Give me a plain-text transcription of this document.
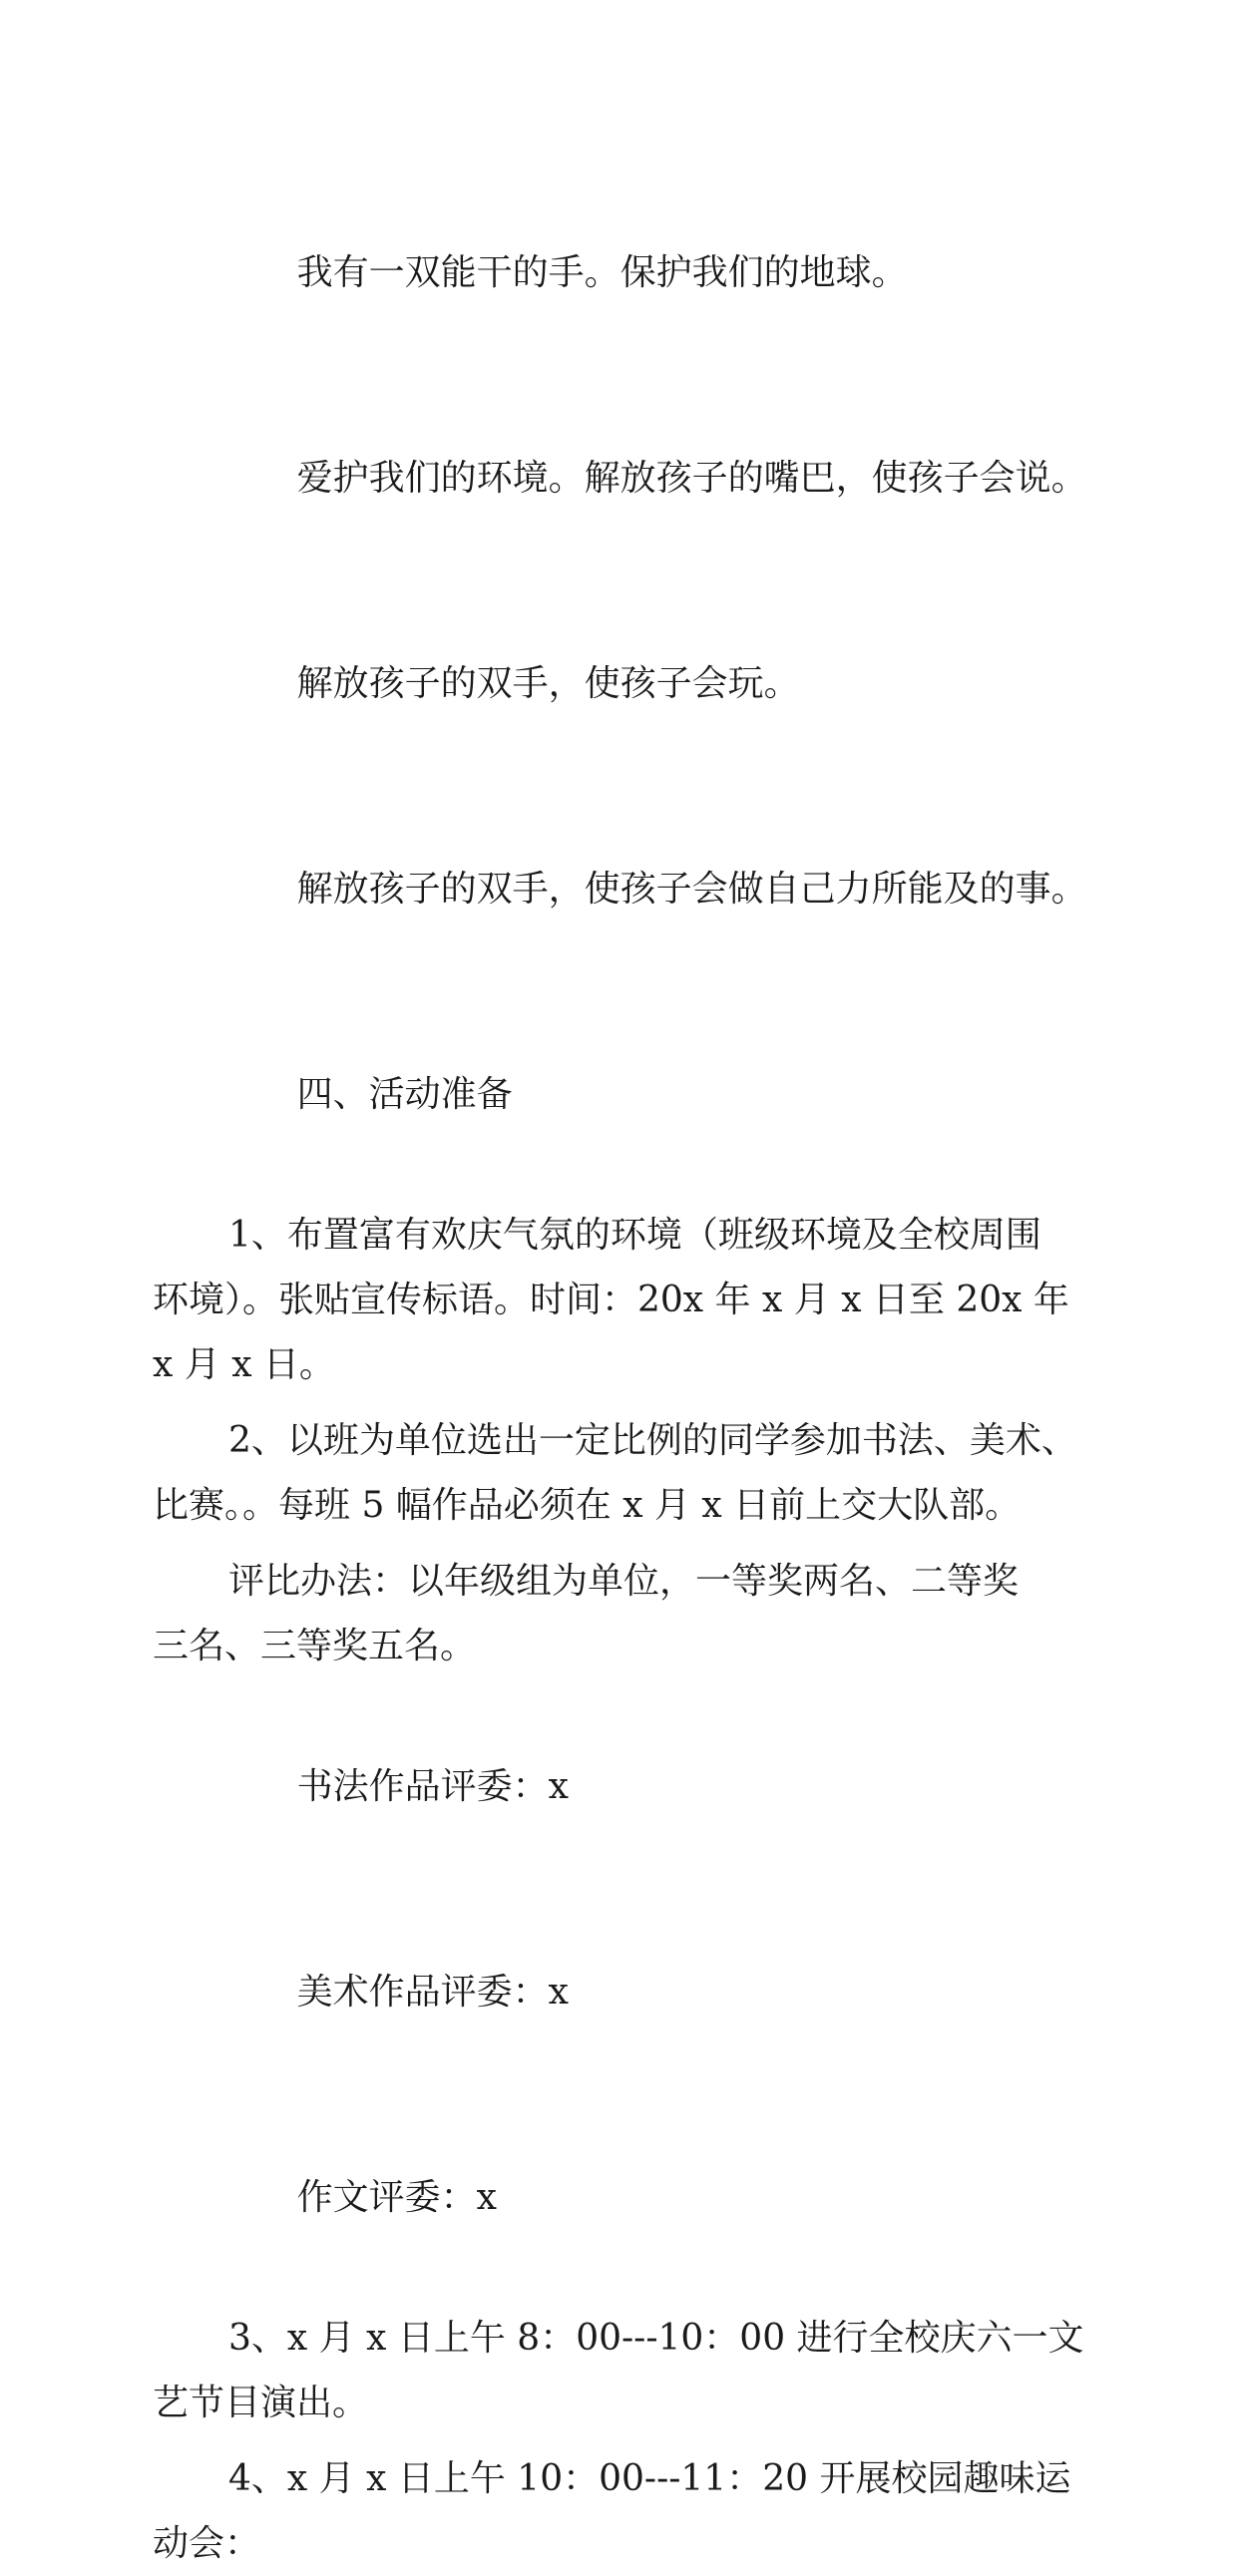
我有一双能干的手。保护我们的地球。

爱护我们的环境。解放孩子的嘴巴，使孩子会说。

解放孩子的双手，使孩子会玩。

解放孩子的双手，使孩子会做自己力所能及的事。

四、活动准备

1、布置富有欢庆气氛的环境（班级环境及全校周围

环境）。张贴宣传标语。时间：20x 年 x 月 x 日至 20x 年

x 月 x 日。

2、以班为单位选出一定比例的同学参加书法、美术、

比赛。。每班 5 幅作品必须在 x 月 x 日前上交大队部。

评比办法：以年级组为单位，一等奖两名、二等奖

三名、三等奖五名。

书法作品评委：x

美术作品评委：x

作文评委：x

3、x 月 x 日上午 8：00---10：00 进行全校庆六一文

艺节目演出。

4、x 月 x 日上午 10：00---11：20 开展校园趣味运

动会：
